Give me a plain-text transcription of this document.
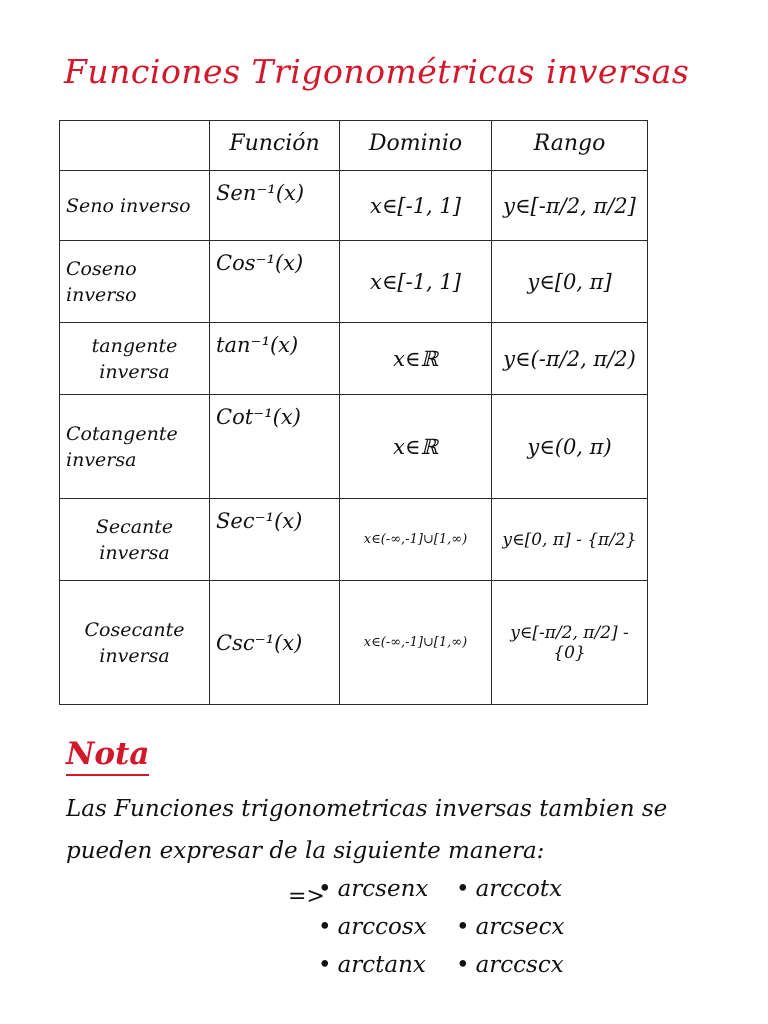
Funciones Trigonométricas inversas
	Función	Dominio	Rango
Seno inverso	Sen⁻¹(x)	x∈[-1, 1]	y∈[-π/2, π/2]
Coseno inverso	Cos⁻¹(x)	x∈[-1, 1]	y∈[0, π]
tangente inversa	tan⁻¹(x)	x∈ℝ	y∈(-π/2, π/2)
Cotangente inversa	Cot⁻¹(x)	x∈ℝ	y∈(0, π)
Secante inversa	Sec⁻¹(x)	x∈(-∞,-1]∪[1,∞)	y∈[0, π] - {π/2}
Cosecante inversa	Csc⁻¹(x)	x∈(-∞,-1]∪[1,∞)	y∈[-π/2, π/2] - {0}
Nota
Las Funciones trigonometricas inversas tambien se pueden expresar de la siguiente manera:
=> • arcsenx	• arccotx
• arccosx	• arcsecx
• arctanx	• arccscx
